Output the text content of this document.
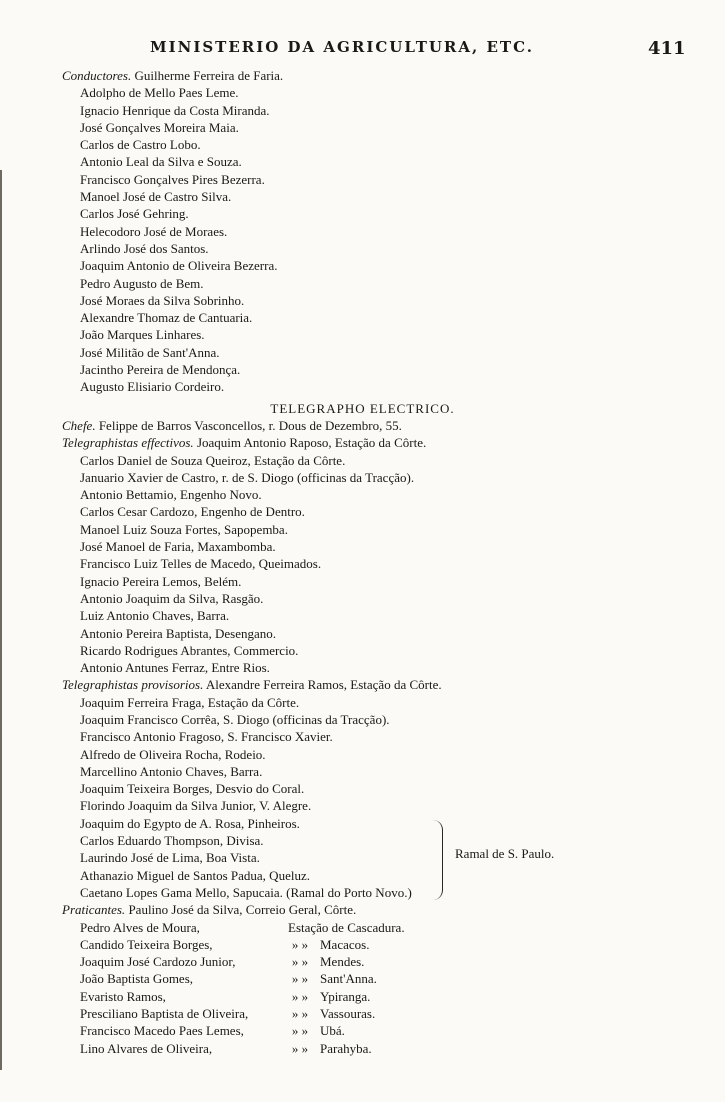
MINISTERIO DA AGRICULTURA, ETC.	411
Conductores. Guilherme Ferreira de Faria.
Adolpho de Mello Paes Leme.
Ignacio Henrique da Costa Miranda.
José Gonçalves Moreira Maia.
Carlos de Castro Lobo.
Antonio Leal da Silva e Souza.
Francisco Gonçalves Pires Bezerra.
Manoel José de Castro Silva.
Carlos José Gehring.
Helecodoro José de Moraes.
Arlindo José dos Santos.
Joaquim Antonio de Oliveira Bezerra.
Pedro Augusto de Bem.
José Moraes da Silva Sobrinho.
Alexandre Thomaz de Cantuaria.
João Marques Linhares.
José Militão de Sant'Anna.
Jacintho Pereira de Mendonça.
Augusto Elisiario Cordeiro.
TELEGRAPHO ELECTRICO.
Chefe. Felippe de Barros Vasconcellos, r. Dous de Dezembro, 55.
Telegraphistas effectivos. Joaquim Antonio Raposo, Estação da Côrte.
Carlos Daniel de Souza Queiroz, Estação da Côrte.
Januario Xavier de Castro, r. de S. Diogo (officinas da Tracção).
Antonio Bettamio, Engenho Novo.
Carlos Cesar Cardozo, Engenho de Dentro.
Manoel Luiz Souza Fortes, Sapopemba.
José Manoel de Faria, Maxambomba.
Francisco Luiz Telles de Macedo, Queimados.
Ignacio Pereira Lemos, Belém.
Antonio Joaquim da Silva, Rasgão.
Luiz Antonio Chaves, Barra.
Antonio Pereira Baptista, Desengano.
Ricardo Rodrigues Abrantes, Commercio.
Antonio Antunes Ferraz, Entre Rios.
Telegraphistas provisorios. Alexandre Ferreira Ramos, Estação da Côrte.
Joaquim Ferreira Fraga, Estação da Côrte.
Joaquim Francisco Corrêa, S. Diogo (officinas da Tracção).
Francisco Antonio Fragoso, S. Francisco Xavier.
Alfredo de Oliveira Rocha, Rodeio.
Marcellino Antonio Chaves, Barra.
Joaquim Teixeira Borges, Desvio do Coral.
Florindo Joaquim da Silva Junior, V. Alegre.
Joaquim do Egypto de A. Rosa, Pinheiros.
Carlos Eduardo Thompson, Divisa.
Laurindo José de Lima, Boa Vista.
Athanazio Miguel de Santos Padua, Queluz.
Caetano Lopes Gama Mello, Sapucaia. (Ramal do Porto Novo.)
Praticantes. Paulino José da Silva, Correio Geral, Côrte.
Pedro Alves de Moura,	Estação de Cascadura.
Candido Teixeira Borges,	» » Macacos.
Joaquim José Cardozo Junior,	» » Mendes.
João Baptista Gomes,	» » Sant'Anna.
Evaristo Ramos,	» » Ypiranga.
Presciliano Baptista de Oliveira,	» » Vassouras.
Francisco Macedo Paes Lemes,	» » Ubá.
Lino Alvares de Oliveira,	» » Parahyba.
Ramal de S. Paulo.
